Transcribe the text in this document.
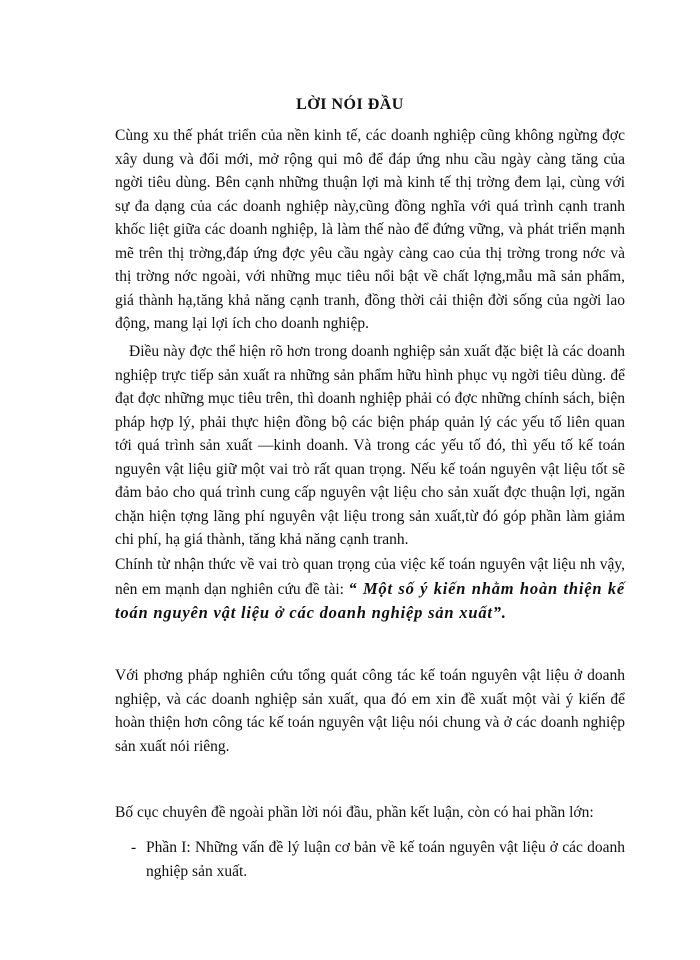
LỜI NÓI ĐẦU

Cùng xu thế phát triển của nền kinh tế, các doanh nghiệp cũng không ngừng đợc xây dung và đổi mới, mở rộng qui mô để đáp ứng nhu cầu ngày càng tăng của ngời tiêu dùng. Bên cạnh những thuận lợi mà kinh tế thị trờng đem lại, cùng với sự đa dạng của các doanh nghiệp này,cũng đồng nghĩa với quá trình cạnh tranh khốc liệt giữa các doanh nghiệp, là làm thế nào để đứng vững, và phát triển mạnh mẽ trên thị trờng,đáp ứng đợc yêu cầu ngày càng cao của thị trờng trong nớc và thị trờng nớc ngoài, với những mục tiêu nổi bật về chất lợng,mẫu mã sản phẩm, giá thành hạ,tăng khả năng cạnh tranh, đồng thời cải thiện đời sống của ngời lao động, mang lại lợi ích cho doanh nghiệp.

Điều này đợc thể hiện rõ hơn trong doanh nghiệp sản xuất đặc biệt là các doanh nghiệp trực tiếp sản xuất ra những sản phẩm hữu hình phục vụ ngời tiêu dùng. để đạt đợc những mục tiêu trên, thì doanh nghiệp phải có đợc những chính sách, biện pháp hợp lý, phải thực hiện đồng bộ các biện pháp quản lý các yếu tố liên quan tới quá trình sản xuất —kinh doanh. Và trong các yếu tố đó, thì yếu tố kế toán nguyên vật liệu giữ một vai trò rất quan trọng. Nếu kế toán nguyên vật liệu tốt sẽ đảm bảo cho quá trình cung cấp nguyên vật liệu cho sản xuất đợc thuận lợi, ngăn chặn hiện tợng lãng phí nguyên vật liệu trong sản xuất,từ đó góp phần làm giảm chi phí, hạ giá thành, tăng khả năng cạnh tranh.

Chính từ nhận thức về vai trò quan trọng của việc kế toán nguyên vật liệu nh vậy, nên em mạnh dạn nghiên cứu đề tài: “ Một số ý kiến nhằm hoàn thiện kế toán nguyên vật liệu ở các doanh nghiệp sản xuất”.

Với phơng pháp nghiên cứu tổng quát công tác kế toán nguyên vật liệu ở doanh nghiệp, và các doanh nghiệp sản xuất, qua đó em xin đề xuất một vài ý kiến để hoàn thiện hơn công tác kế toán nguyên vật liệu nói chung và ở các doanh nghiệp sản xuất nói riêng.

Bố cục chuyên đề ngoài phần lời nói đầu, phần kết luận, còn có hai phần lớn:

- Phần I: Những vấn đề lý luận cơ bản về kế toán nguyên vật liệu ở các doanh nghiệp sản xuất.
